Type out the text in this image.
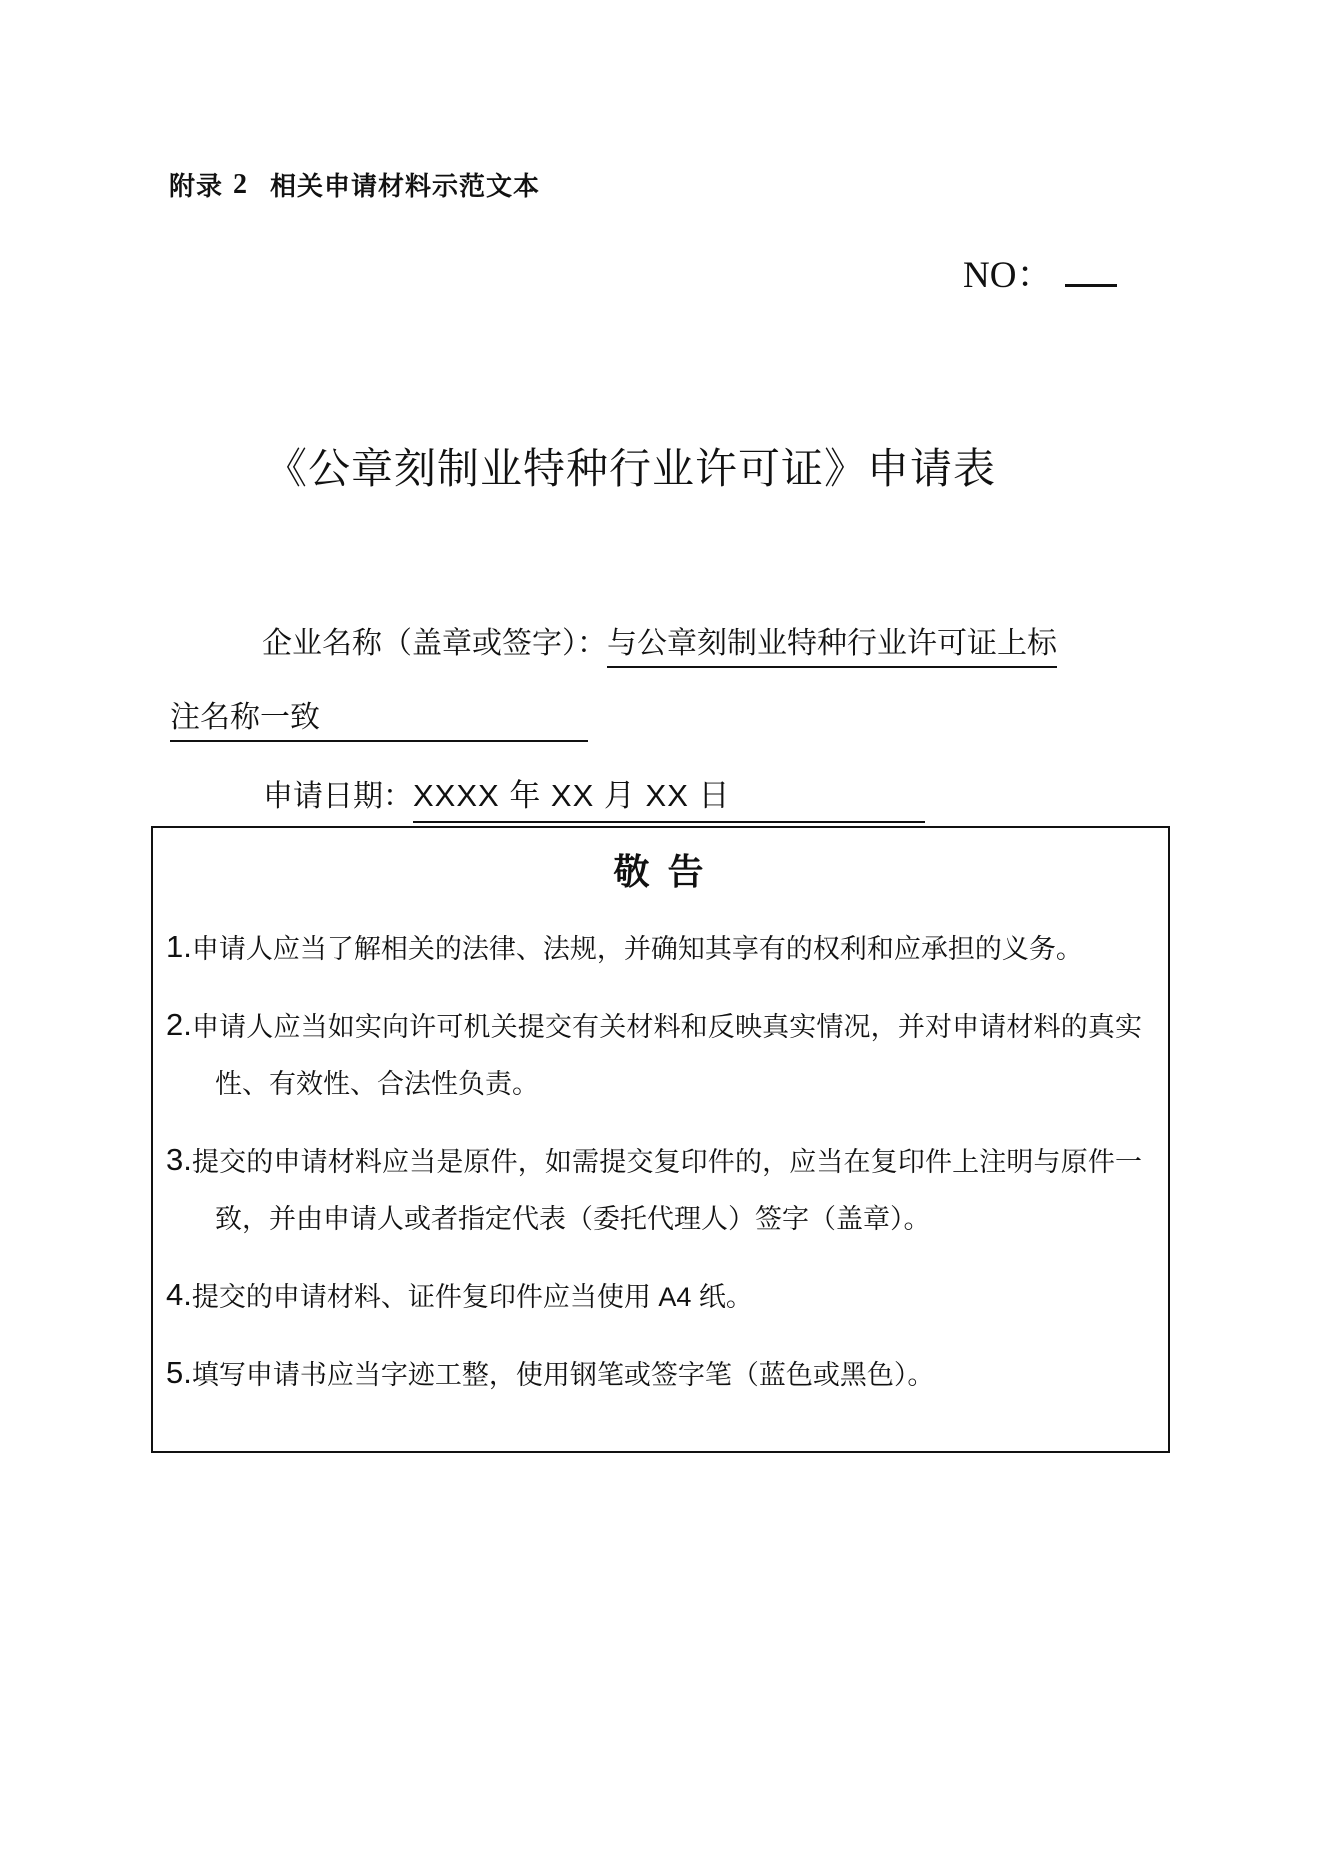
附录 2 相关申请材料示范文本
NO：
《公章刻制业特种行业许可证》申请表
企业名称（盖章或签字）：与公章刻制业特种行业许可证上标
注名称一致
申请日期：XXXX 年 XX 月 XX 日
敬 告
1.申请人应当了解相关的法律、法规，并确知其享有的权利和应承担的义务。
2.申请人应当如实向许可机关提交有关材料和反映真实情况，并对申请材料的真实性、有效性、合法性负责。
3.提交的申请材料应当是原件，如需提交复印件的，应当在复印件上注明与原件一致，并由申请人或者指定代表（委托代理人）签字（盖章）。
4.提交的申请材料、证件复印件应当使用 A4 纸。
5.填写申请书应当字迹工整，使用钢笔或签字笔（蓝色或黑色）。
